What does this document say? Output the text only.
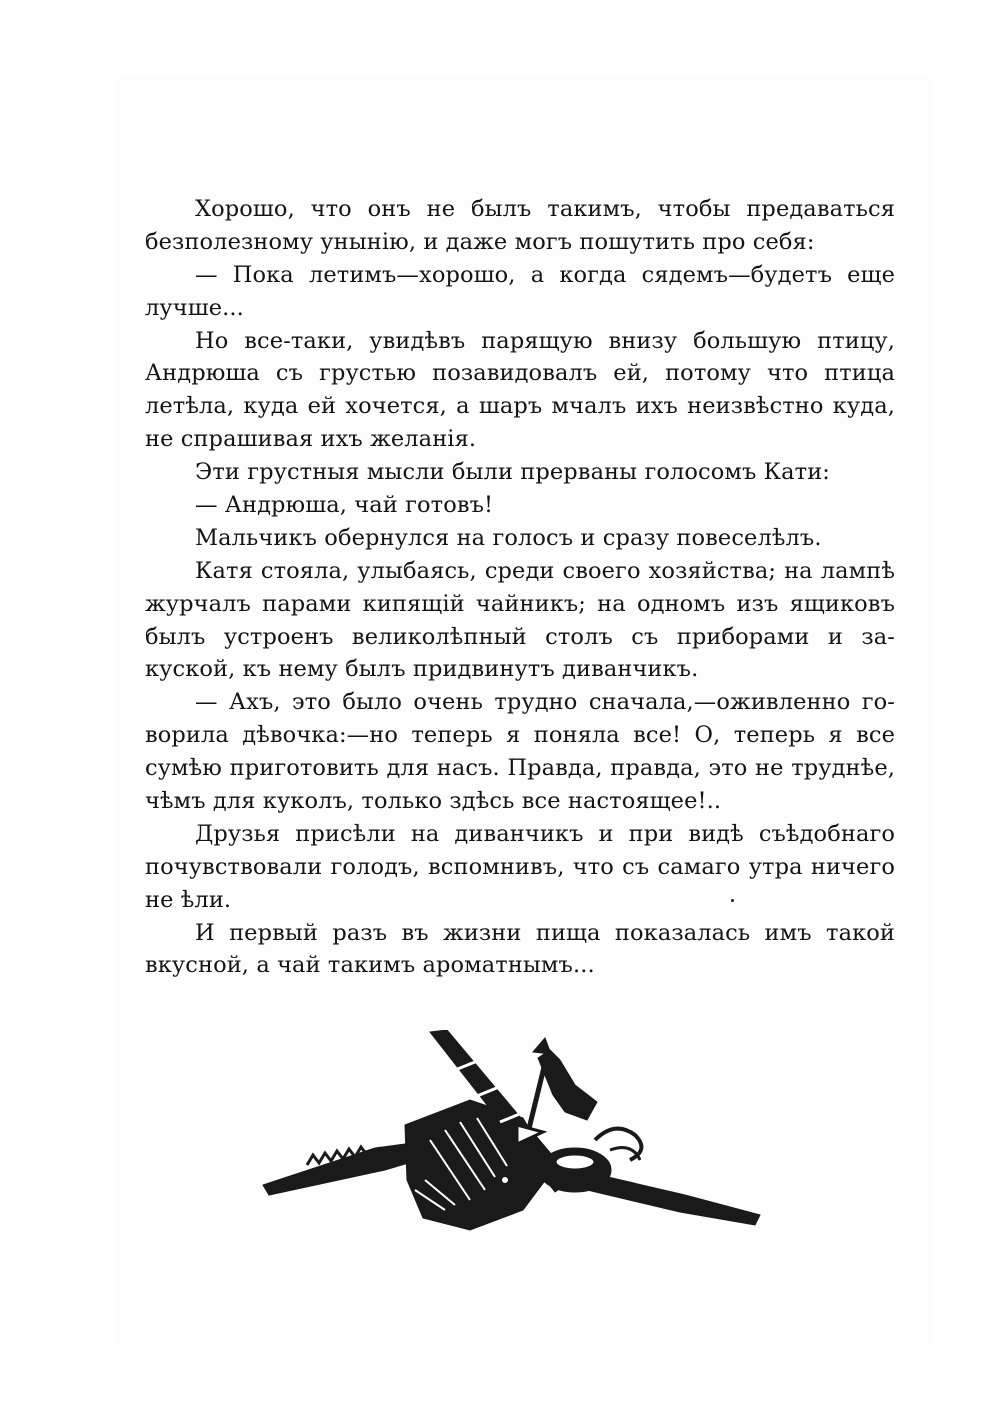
Хорошо, что онъ не былъ такимъ, чтобы предаваться
безполезному унынію, и даже могъ пошутить про себя:
— Пока летимъ—хорошо, а когда сядемъ—будетъ еще
лучше...
Но все-таки, увидѣвъ парящую внизу большую птицу,
Андрюша съ грустью позавидовалъ ей, потому что птица
летѣла, куда ей хочется, а шаръ мчалъ ихъ неизвѣстно куда,
не спрашивая ихъ желанія.
Эти грустныя мысли были прерваны голосомъ Кати:
— Андрюша, чай готовъ!
Мальчикъ обернулся на голосъ и сразу повеселѣлъ.
Катя стояла, улыбаясь, среди своего хозяйства; на лампѣ
журчалъ парами кипящій чайникъ; на одномъ изъ ящиковъ
былъ устроенъ великолѣпный столъ съ приборами и за-
куской, къ нему былъ придвинутъ диванчикъ.
— Ахъ, это было очень трудно сначала,—оживленно го-
ворила дѣвочка:—но теперь я поняла все! О, теперь я все
сумѣю приготовить для насъ. Правда, правда, это не труднѣе,
чѣмъ для куколъ, только здѣсь все настоящее!..
Друзья присѣли на диванчикъ и при видѣ съѣдобнаго
почувствовали голодъ, вспомнивъ, что съ самаго утра ничего
не ѣли.
И первый разъ въ жизни пища показалась имъ такой
вкусной, а чай такимъ ароматнымъ...
